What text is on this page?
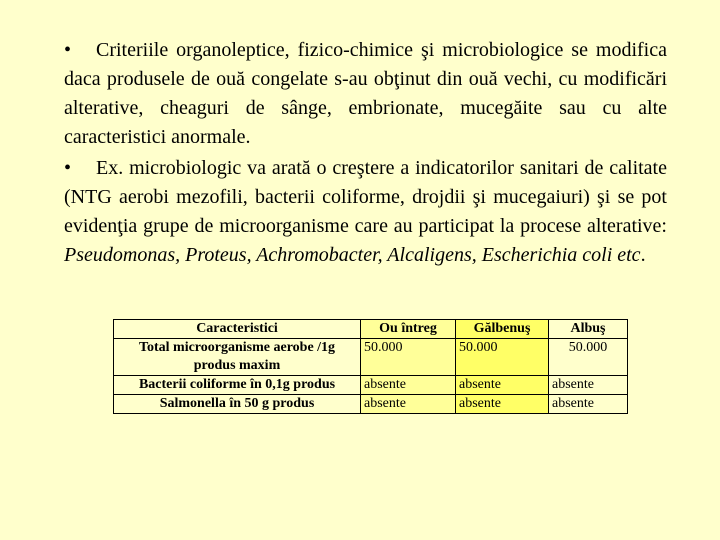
• Criteriile organoleptice, fizico-chimice şi microbiologice se modifica daca produsele de ouă congelate s-au obţinut din ouă vechi, cu modificări alterative, cheaguri de sânge, embrionate, mucegăite sau cu alte caracteristici anormale.

• Ex. microbiologic va arată o creştere a indicatorilor sanitari de calitate (NTG aerobi mezofili, bacterii coliforme, drojdii şi mucegaiuri) şi se pot evidenţia grupe de microorganisme care au participat la procese alterative: Pseudomonas, Proteus, Achromobacter, Alcaligens, Escherichia coli etc.

Caracteristici	Ou întreg	Gălbenuş	Albuş
Total microorganisme aerobe /1g produs maxim	50.000	50.000	50.000
Bacterii coliforme în 0,1g produs	absente	absente	absente
Salmonella în 50 g produs	absente	absente	absente
